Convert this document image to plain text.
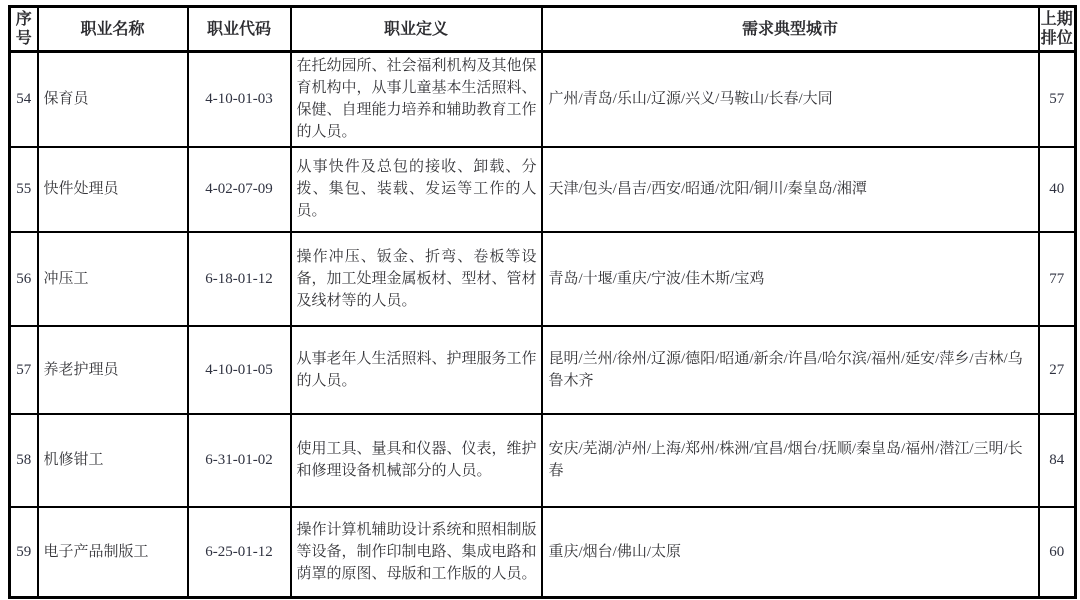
序号	职业名称	职业代码	职业定义	需求典型城市	上期排位
54	保育员	4-10-01-03	在托幼园所、社会福利机构及其他保育机构中，从事儿童基本生活照料、保健、自理能力培养和辅助教育工作的人员。	广州/青岛/乐山/辽源/兴义/马鞍山/长春/大同	57
55	快件处理员	4-02-07-09	从事快件及总包的接收、卸载、分拨、集包、装载、发运等工作的人员。	天津/包头/昌吉/西安/昭通/沈阳/铜川/秦皇岛/湘潭	40
56	冲压工	6-18-01-12	操作冲压、钣金、折弯、卷板等设备，加工处理金属板材、型材、管材及线材等的人员。	青岛/十堰/重庆/宁波/佳木斯/宝鸡	77
57	养老护理员	4-10-01-05	从事老年人生活照料、护理服务工作的人员。	昆明/兰州/徐州/辽源/德阳/昭通/新余/许昌/哈尔滨/福州/延安/萍乡/吉林/乌鲁木齐	27
58	机修钳工	6-31-01-02	使用工具、量具和仪器、仪表，维护和修理设备机械部分的人员。	安庆/芜湖/泸州/上海/郑州/株洲/宜昌/烟台/抚顺/秦皇岛/福州/潜江/三明/长春	84
59	电子产品制版工	6-25-01-12	操作计算机辅助设计系统和照相制版等设备，制作印制电路、集成电路和荫罩的原图、母版和工作版的人员。	重庆/烟台/佛山/太原	60
